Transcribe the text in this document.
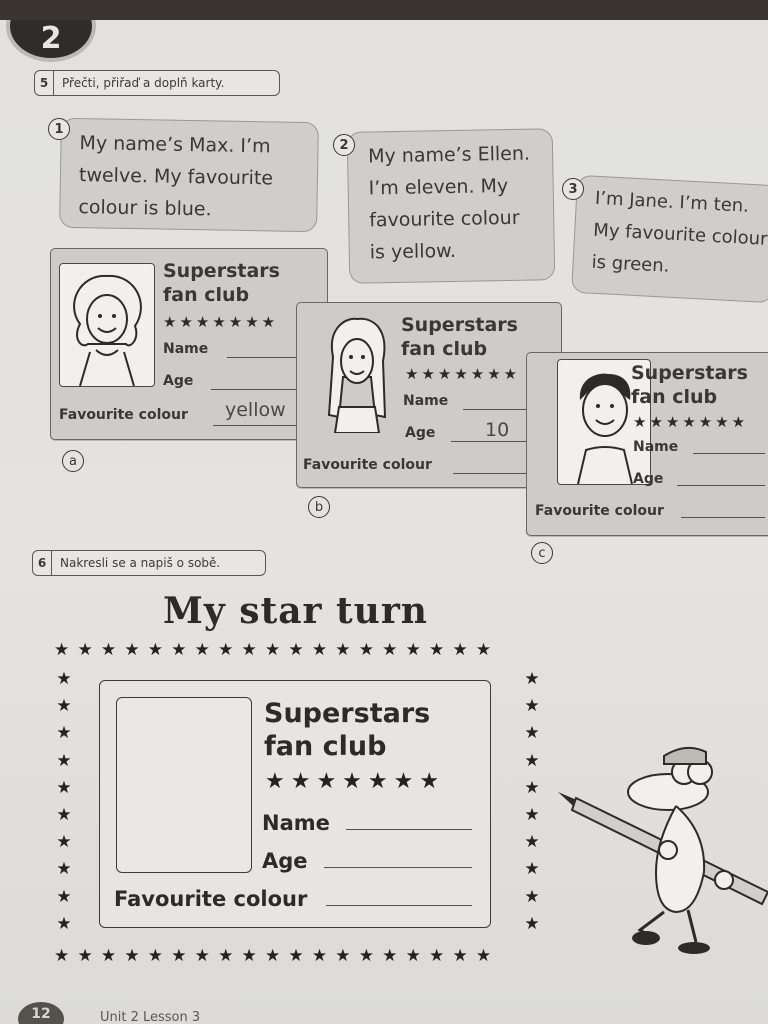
2
5	Přečti, přiřaď a doplň karty.
My name’s Max. I’m
twelve. My favourite
colour is blue.
1
My name’s Ellen.
I’m eleven. My
favourite colour
is yellow.
2
I’m Jane. I’m ten.
My favourite colour
is green.
3
Superstars
fan club
★★★★★★★
Name
Age
Favourite colour yellow
a
Superstars
fan club
★★★★★★★
Name
Age	10
Favourite colour
b
Superstars
fan club
★★★★★★★
Name
Age
Favourite colour
c
6	Nakresli se a napiš o sobě.
My star turn
★★★★★★★★★★★★★★★★★★★
★★★★★★★★★★★★★★★★★★★
★
★
★
★
★
★
★
★
★
★
★
★
★
★
★
★
★
★
★
★
Superstars
fan club
★★★★★★★
Name
Age
Favourite colour
12	Unit 2 Lesson 3
